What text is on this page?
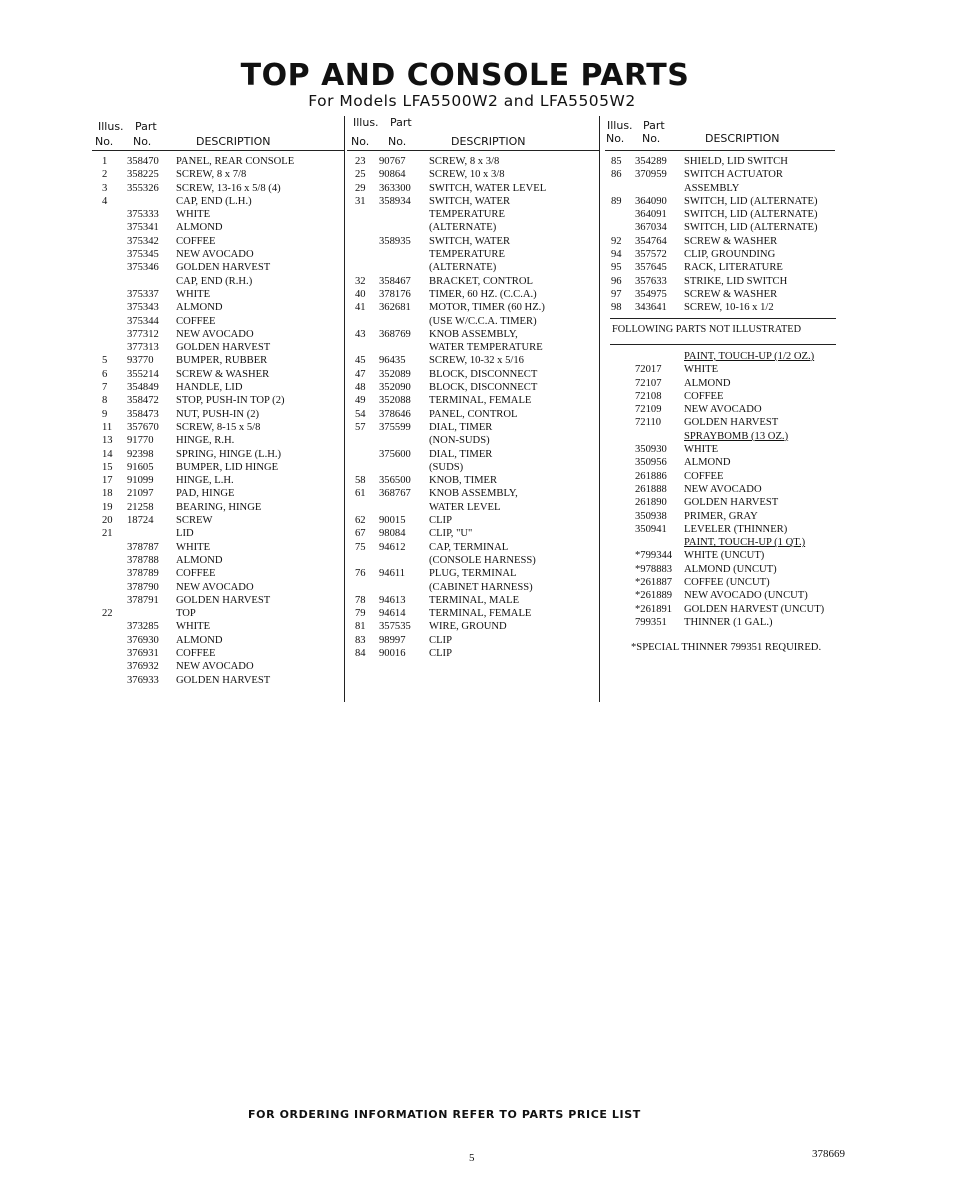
TOP AND CONSOLE PARTS
For Models LFA5500W2 and LFA5505W2
Illus.
No.
Part
No.	DESCRIPTION
1 358470 PANEL, REAR CONSOLE
2 358225 SCREW, 8 x 7/8
3 355326 SCREW, 13-16 x 5/8 (4)
4	CAP, END (L.H.)
375333 WHITE
375341 ALMOND
375342 COFFEE
375345 NEW AVOCADO
375346 GOLDEN HARVEST
CAP, END (R.H.)
375337 WHITE
375343 ALMOND
375344 COFFEE
377312 NEW AVOCADO
377313 GOLDEN HARVEST
5 93770 BUMPER, RUBBER
6 355214 SCREW & WASHER
7 354849 HANDLE, LID
8 358472 STOP, PUSH-IN TOP (2)
9 358473 NUT, PUSH-IN (2)
11 357670 SCREW, 8-15 x 5/8
13 91770 HINGE, R.H.
14 92398 SPRING, HINGE (L.H.)
15 91605 BUMPER, LID HINGE
17 91099 HINGE, L.H.
18 21097 PAD, HINGE
19 21258 BEARING, HINGE
20 18724 SCREW
21	LID
378787 WHITE
378788 ALMOND
378789 COFFEE
378790 NEW AVOCADO
378791 GOLDEN HARVEST
22	TOP
373285 WHITE
376930 ALMOND
376931 COFFEE
376932 NEW AVOCADO
376933 GOLDEN HARVEST
Illus.
No.
Part
No.	DESCRIPTION
23 90767 SCREW, 8 x 3/8
25 90864 SCREW, 10 x 3/8
29 363300 SWITCH, WATER LEVEL
31 358934 SWITCH, WATER
TEMPERATURE
(ALTERNATE)
358935 SWITCH, WATER
TEMPERATURE
(ALTERNATE)
32 358467 BRACKET, CONTROL
40 378176 TIMER, 60 HZ. (C.C.A.)
41 362681 MOTOR, TIMER (60 HZ.)
(USE W/C.C.A. TIMER)
43 368769 KNOB ASSEMBLY,
WATER TEMPERATURE
45 96435 SCREW, 10-32 x 5/16
47 352089 BLOCK, DISCONNECT
48 352090 BLOCK, DISCONNECT
49 352088 TERMINAL, FEMALE
54 378646 PANEL, CONTROL
57 375599 DIAL, TIMER
(NON-SUDS)
375600 DIAL, TIMER
(SUDS)
58 356500 KNOB, TIMER
61 368767 KNOB ASSEMBLY,
WATER LEVEL
62 90015 CLIP
67 98084 CLIP, "U"
75 94612 CAP, TERMINAL
(CONSOLE HARNESS)
76 94611 PLUG, TERMINAL
(CABINET HARNESS)
78 94613 TERMINAL, MALE
79 94614 TERMINAL, FEMALE
81 357535 WIRE, GROUND
83 98997 CLIP
84 90016 CLIP
Illus.
No.
Part
No.	DESCRIPTION
85 354289 SHIELD, LID SWITCH
86 370959 SWITCH ACTUATOR
ASSEMBLY
89 364090 SWITCH, LID (ALTERNATE)
364091 SWITCH, LID (ALTERNATE)
367034 SWITCH, LID (ALTERNATE)
92 354764 SCREW & WASHER
94 357572 CLIP, GROUNDING
95 357645 RACK, LITERATURE
96 357633 STRIKE, LID SWITCH
97 354975 SCREW & WASHER
98 343641 SCREW, 10-16 x 1/2
FOLLOWING PARTS NOT ILLUSTRATED
PAINT, TOUCH-UP (1/2 OZ.)
72017 WHITE
72107 ALMOND
72108 COFFEE
72109 NEW AVOCADO
72110 GOLDEN HARVEST
SPRAYBOMB (13 OZ.)
350930 WHITE
350956 ALMOND
261886 COFFEE
261888 NEW AVOCADO
261890 GOLDEN HARVEST
350938 PRIMER, GRAY
350941 LEVELER (THINNER)
PAINT, TOUCH-UP (1 QT.)
*799344 WHITE (UNCUT)
*978883 ALMOND (UNCUT)
*261887 COFFEE (UNCUT)
*261889 NEW AVOCADO (UNCUT)
*261891 GOLDEN HARVEST (UNCUT)
799351 THINNER (1 GAL.)
*SPECIAL THINNER 799351 REQUIRED.
FOR ORDERING INFORMATION REFER TO PARTS PRICE LIST
5	378669
